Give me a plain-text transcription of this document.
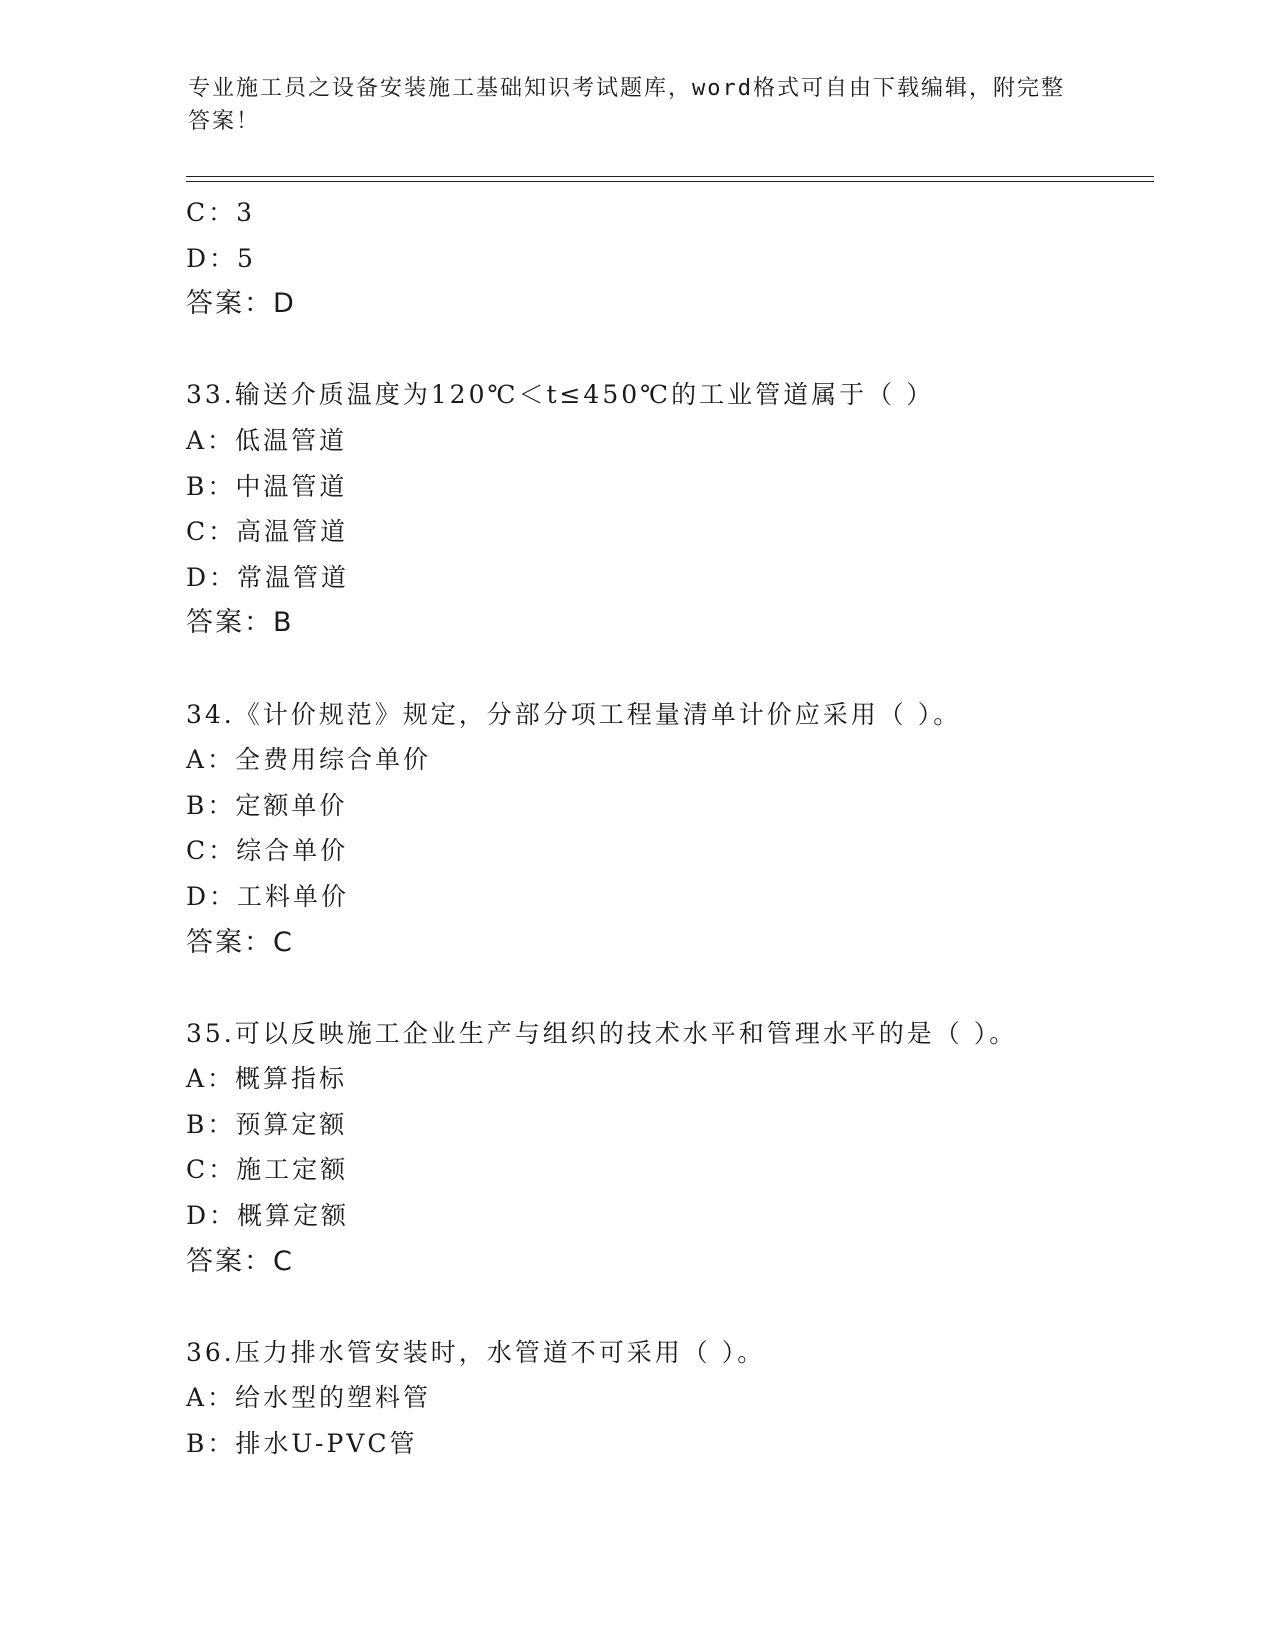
专业施工员之设备安装施工基础知识考试题库，word格式可自由下载编辑，附完整答案！

C：3

D：5

答案：D

33.输送介质温度为120℃＜t≤450℃的工业管道属于（ ）

A：低温管道

B：中温管道

C：高温管道

D：常温管道

答案：B

34.《计价规范》规定，分部分项工程量清单计价应采用（ ）。

A：全费用综合单价

B：定额单价

C：综合单价

D：工料单价

答案：C

35.可以反映施工企业生产与组织的技术水平和管理水平的是（ ）。

A：概算指标

B：预算定额

C：施工定额

D：概算定额

答案：C

36.压力排水管安装时，水管道不可采用（ ）。

A：给水型的塑料管

B：排水U-PVC管
